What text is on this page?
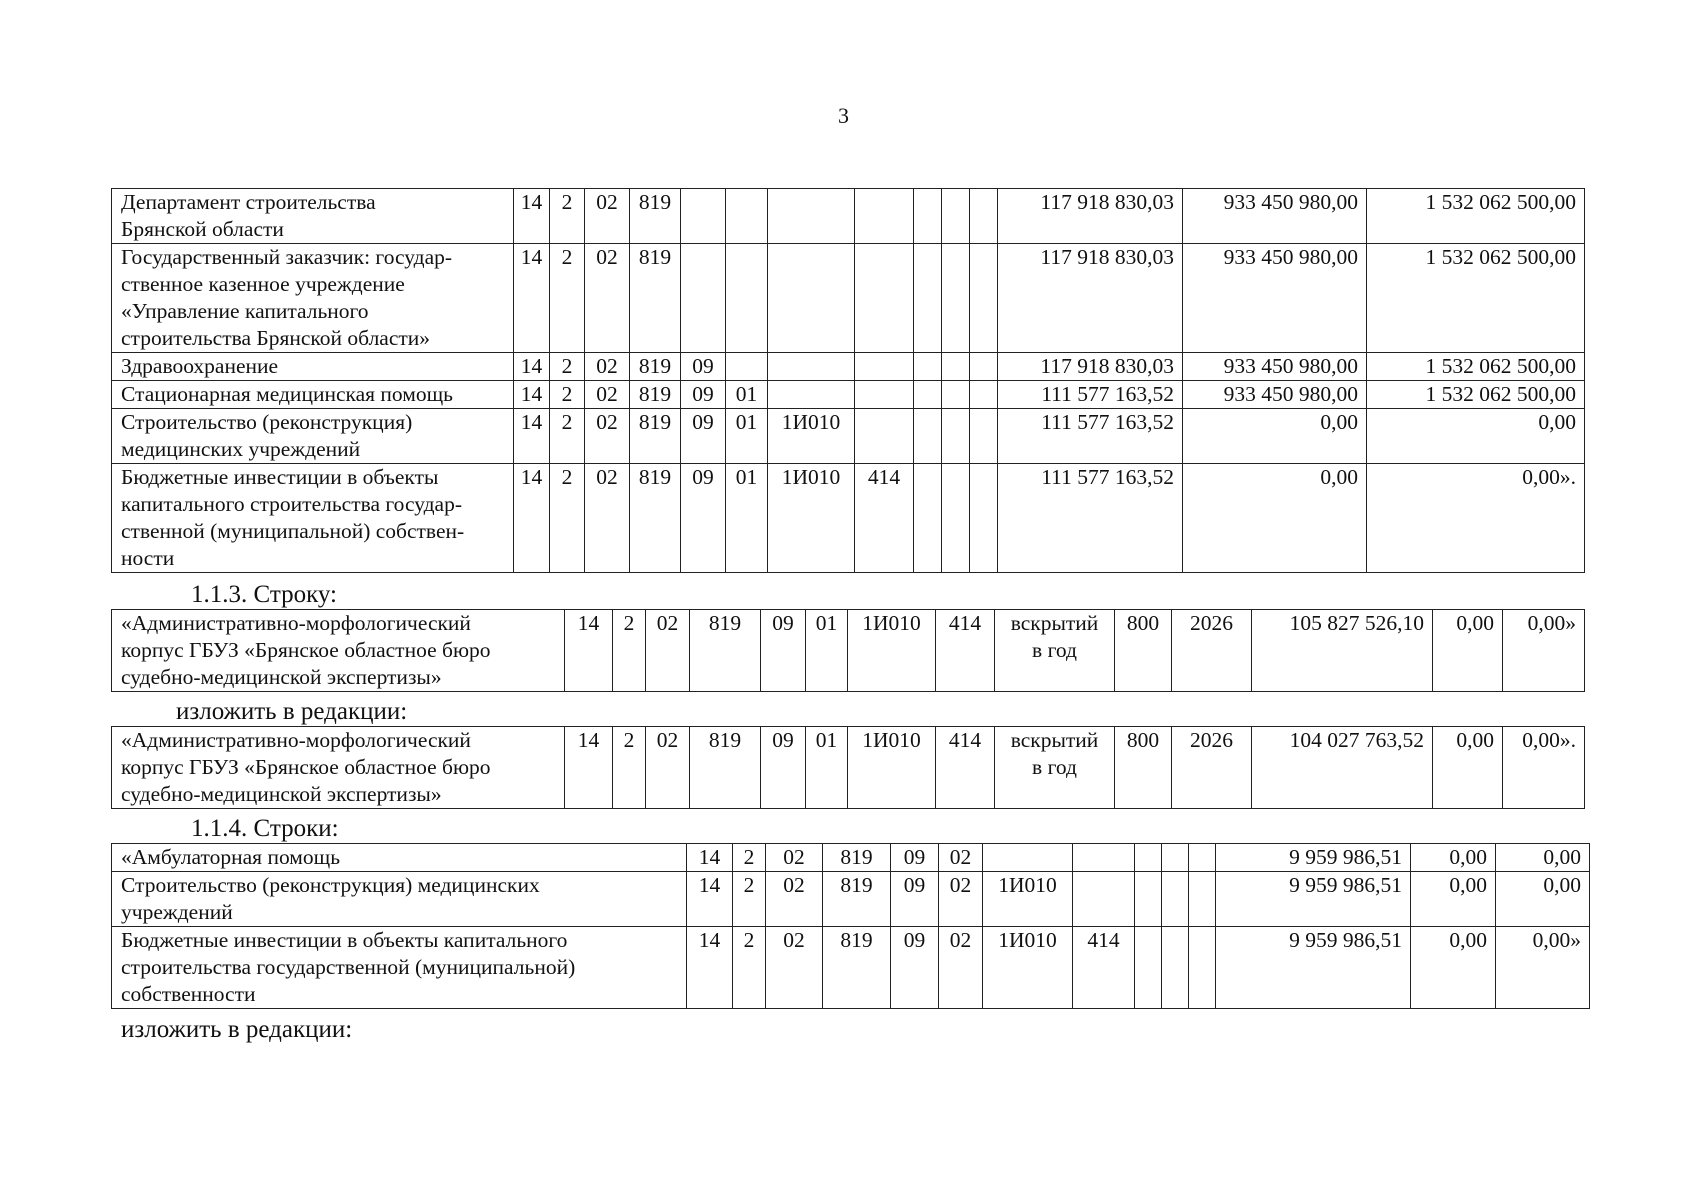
3
Департамент строительства
Брянской области	14	2	02	819								117 918 830,03	933 450 980,00	1 532 062 500,00
Государственный заказчик: государ-
ственное казенное учреждение
«Управление капитального
строительства Брянской области»	14	2	02	819								117 918 830,03	933 450 980,00	1 532 062 500,00
Здравоохранение	14	2	02	819	09							117 918 830,03	933 450 980,00	1 532 062 500,00
Стационарная медицинская помощь	14	2	02	819	09	01						111 577 163,52	933 450 980,00	1 532 062 500,00
Строительство (реконструкция)
медицинских учреждений	14	2	02	819	09	01	1И010					111 577 163,52	0,00	0,00
Бюджетные инвестиции в объекты
капитального строительства государ-
ственной (муниципальной) собствен-
ности	14	2	02	819	09	01	1И010	414				111 577 163,52	0,00	0,00».
1.1.3. Строку:
«Административно-морфологический
корпус ГБУЗ «Брянское областное бюро
судебно-медицинской экспертизы»	14	2	02	819	09	01	1И010	414	вскрытий
в год	800	2026	105 827 526,10	0,00	0,00»
изложить в редакции:
«Административно-морфологический
корпус ГБУЗ «Брянское областное бюро
судебно-медицинской экспертизы»	14	2	02	819	09	01	1И010	414	вскрытий
в год	800	2026	104 027 763,52	0,00	0,00».
1.1.4. Строки:
«Амбулаторная помощь	14	2	02	819	09	02						9 959 986,51	0,00	0,00
Строительство (реконструкция) медицинских
учреждений	14	2	02	819	09	02	1И010					9 959 986,51	0,00	0,00
Бюджетные инвестиции в объекты капитального
строительства государственной (муниципальной)
собственности	14	2	02	819	09	02	1И010	414				9 959 986,51	0,00	0,00»
изложить в редакции:
